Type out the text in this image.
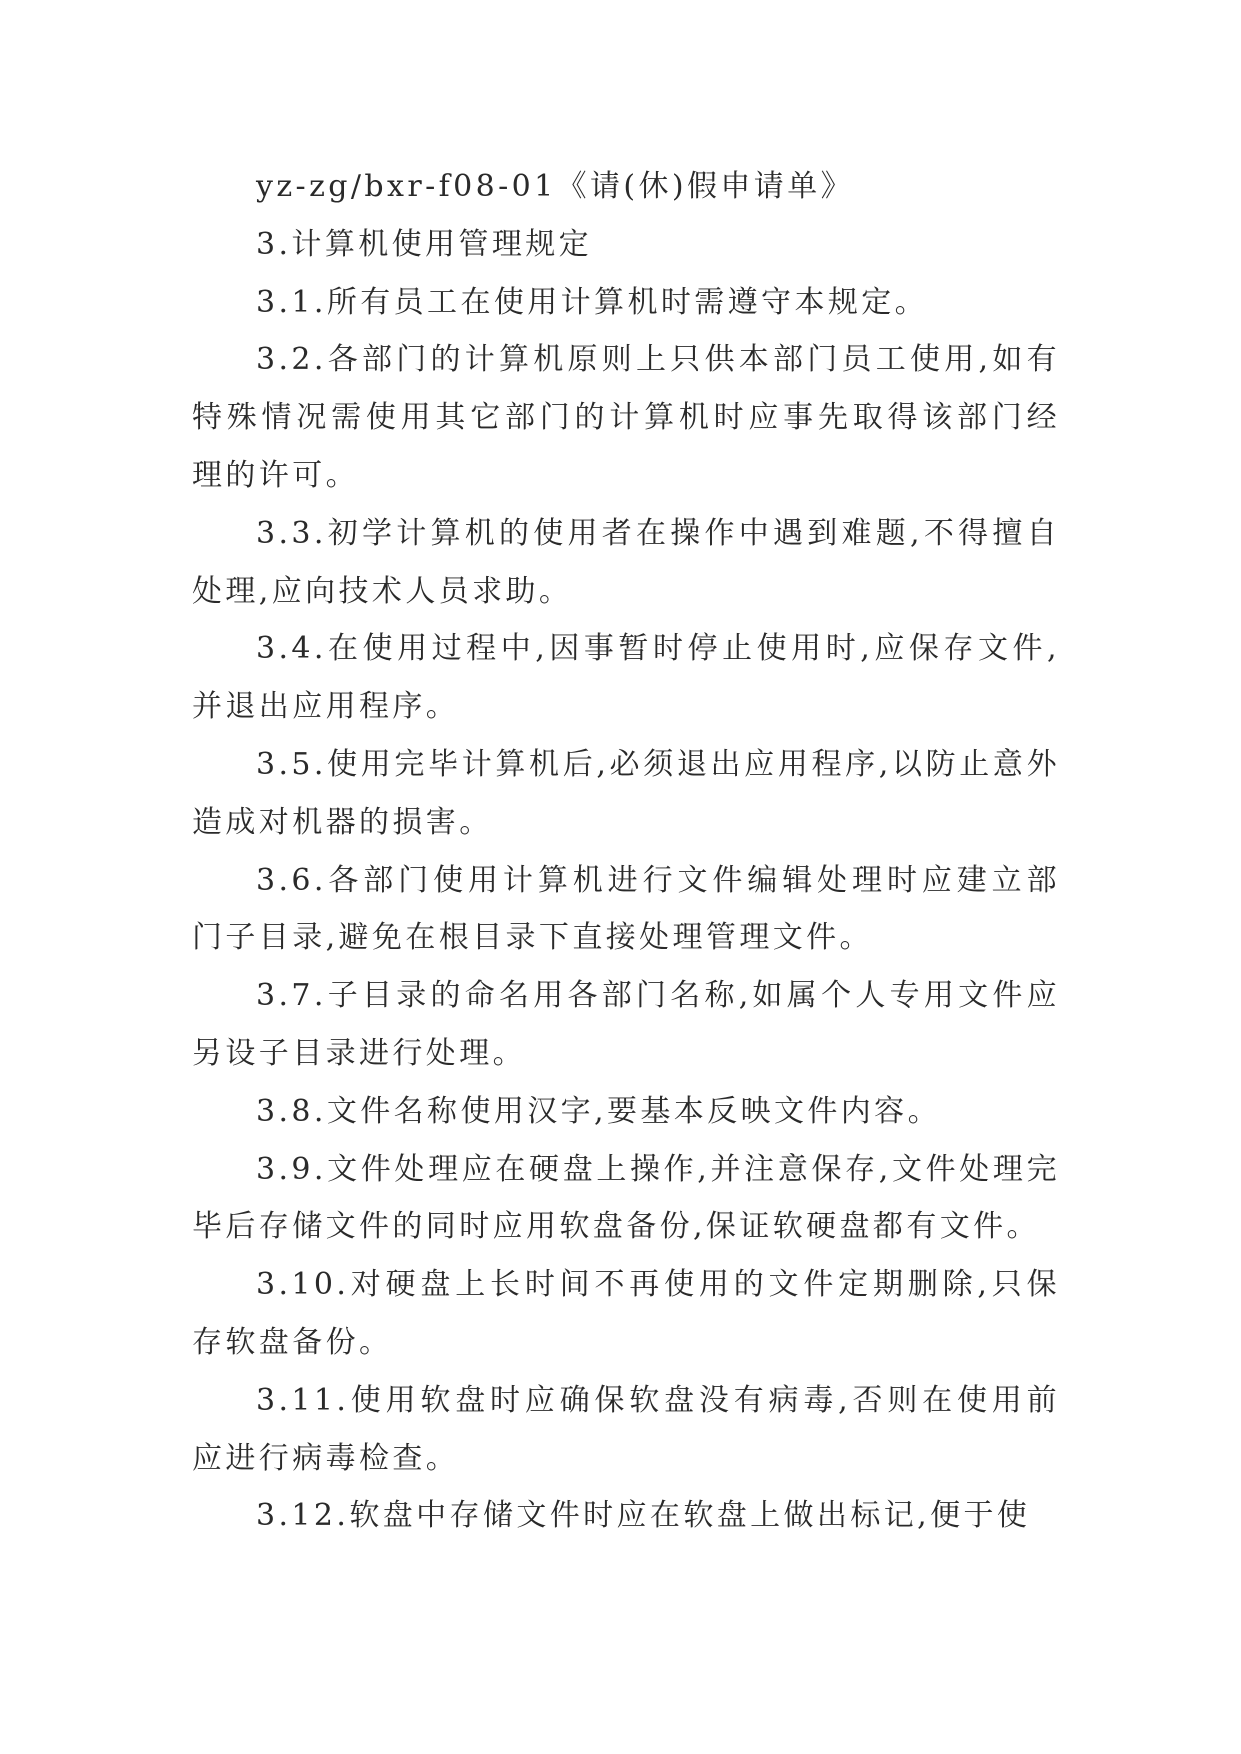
yz-zg/bxr-f08-01《请(休)假申请单》

3.计算机使用管理规定

3.1.所有员工在使用计算机时需遵守本规定。

3.2.各部门的计算机原则上只供本部门员工使用,如有特殊情况需使用其它部门的计算机时应事先取得该部门经理的许可。

3.3.初学计算机的使用者在操作中遇到难题,不得擅自处理,应向技术人员求助。

3.4.在使用过程中,因事暂时停止使用时,应保存文件,并退出应用程序。

3.5.使用完毕计算机后,必须退出应用程序,以防止意外造成对机器的损害。

3.6.各部门使用计算机进行文件编辑处理时应建立部门子目录,避免在根目录下直接处理管理文件。

3.7.子目录的命名用各部门名称,如属个人专用文件应另设子目录进行处理。

3.8.文件名称使用汉字,要基本反映文件内容。

3.9.文件处理应在硬盘上操作,并注意保存,文件处理完毕后存储文件的同时应用软盘备份,保证软硬盘都有文件。

3.10.对硬盘上长时间不再使用的文件定期删除,只保存软盘备份。

3.11.使用软盘时应确保软盘没有病毒,否则在使用前应进行病毒检查。

3.12.软盘中存储文件时应在软盘上做出标记,便于使
